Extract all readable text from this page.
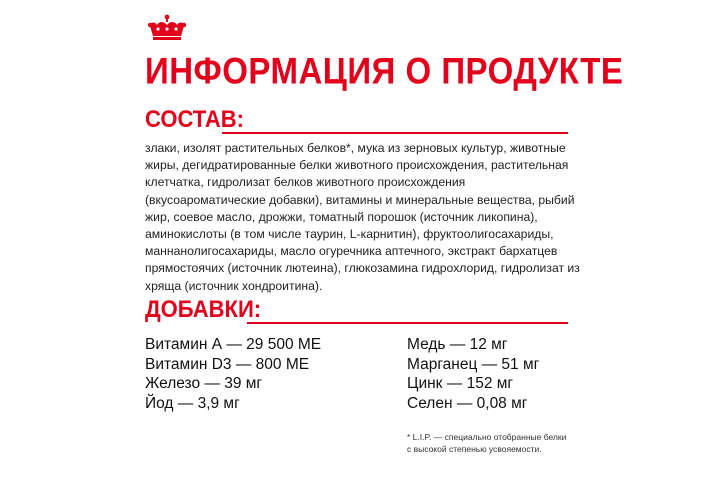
ИНФОРМАЦИЯ О ПРОДУКТЕ
СОСТАВ:
злаки, изолят растительных белков*, мука из зерновых культур, животные жиры, дегидратированные белки животного происхождения, растительная клетчатка, гидролизат белков животного происхождения (вкусоароматические добавки), витамины и минеральные вещества, рыбий жир, соевое масло, дрожжи, томатный порошок (источник ликопина), аминокислоты (в том числе таурин, L-карнитин), фруктоолигосахариды, маннанолигосахариды, масло огуречника аптечного, экстракт бархатцев прямостоячих (источник лютеина), глюкозамина гидрохлорид, гидролизат из хряща (источник хондроитина).
ДОБАВКИ:
Витамин А — 29 500 МЕ	Медь — 12 мг
Витамин D3 — 800 МЕ	Марганец — 51 мг
Железо — 39 мг	Цинк — 152 мг
Йод — 3,9 мг	Селен — 0,08 мг
* L.I.P. — специально отобранные белки
с высокой степенью усвояемости.
